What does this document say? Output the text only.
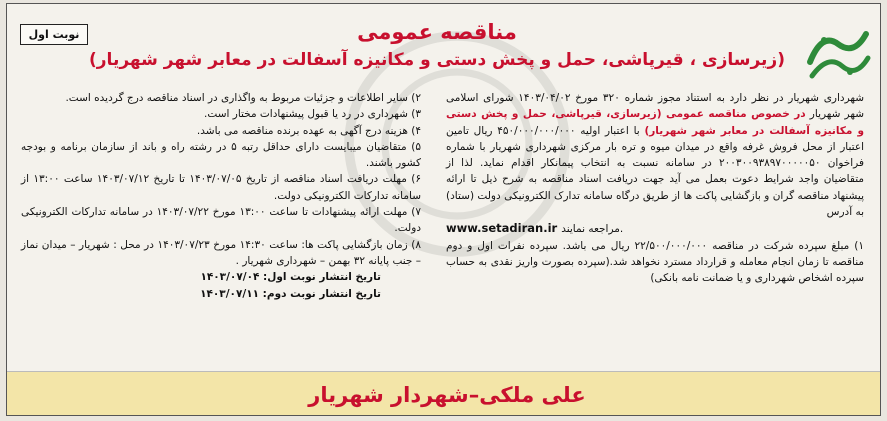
نوبت اول	مناقصه عمومی
(زیرسازی ، قیرپاشی، حمل و پخش دستی و مکانیزه آسفالت در معابر شهر شهریار)

شهرداری شهریار در نظر دارد به استناد مجوز شماره ۳۲۰ مورخ ۱۴۰۳/۰۴/۰۲ شورای اسلامی شهر شهریار در خصوص مناقصه عمومی (زیرسازی، قیرپاشی، حمل و پخش دستی و مکانیزه آسفالت در معابر شهر شهریار) با اعتبار اولیه ۴۵۰/۰۰۰/۰۰۰/۰۰۰ ریال تامین اعتبار از محل فروش غرفه واقع در میدان میوه و تره بار مرکزی شهرداری شهریار با شماره فراخوان ۲۰۰۳۰۰۹۳۸۹۷۰۰۰۰۰۵۰ در سامانه نسبت به انتخاب پیمانکار اقدام نماید. لذا از متقاضیان واجد شرایط دعوت بعمل می آید جهت دریافت اسناد مناقصه به شرح ذیل تا ارائه پیشنهاد مناقصه گران و بازگشایی پاکت ها از طریق درگاه سامانه تدارک الکترونیکی دولت (ستاد) به آدرس

www.setadiran.ir مراجعه نمایند.

۱) مبلغ سپرده شرکت در مناقصه ۲۲/۵۰۰/۰۰۰/۰۰۰ ریال می باشد. سپرده نفرات اول و دوم مناقصه تا زمان انجام معامله و قرارداد مسترد نخواهد شد.(سپرده بصورت واریز نقدی به حساب سپرده اشخاص شهرداری و یا ضمانت نامه بانکی)

۲) سایر اطلاعات و جزئیات مربوط به واگذاری در اسناد مناقصه درج گردیده است.

۳) شهرداری در رد یا قبول پیشنهادات مختار است.

۴) هزینه درج آگهی به عهده برنده مناقصه می باشد.

۵) متقاضیان میبایست دارای حداقل رتبه ۵ در رشته راه و باند از سازمان برنامه و بودجه کشور باشند.

۶) مهلت دریافت اسناد مناقصه از تاریخ ۱۴۰۳/۰۷/۰۵ تا تاریخ ۱۴۰۳/۰۷/۱۲ ساعت ۱۳:۰۰ از سامانه تدارکات الکترونیکی دولت.

۷) مهلت ارائه پیشنهادات تا ساعت ۱۳:۰۰ مورخ ۱۴۰۳/۰۷/۲۲ در سامانه تدارکات الکترونیکی دولت.

۸) زمان بازگشایی پاکت ها: ساعت ۱۴:۳۰ مورخ ۱۴۰۳/۰۷/۲۳ در محل : شهریار – میدان نماز – جنب پایانه ۳۲ بهمن – شهرداری شهریار .

تاریخ انتشار نوبت اول: ۱۴۰۳/۰۷/۰۴

تاریخ انتشار نوبت دوم: ۱۴۰۳/۰۷/۱۱

علی ملکی–شهردار شهریار
